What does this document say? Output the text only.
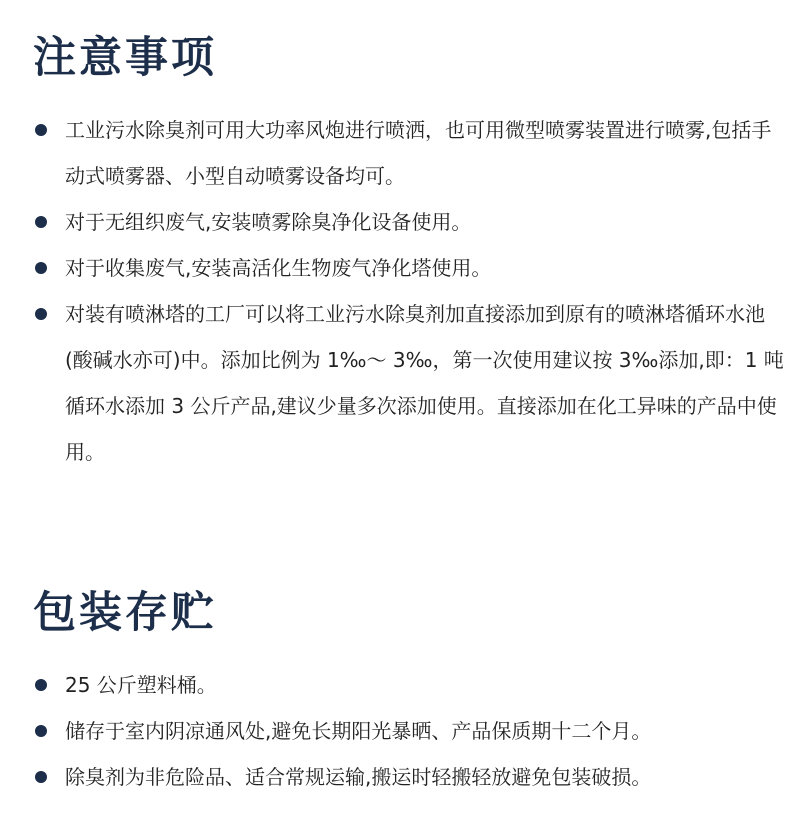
注意事项
工业污水除臭剂可用大功率风炮进行喷洒，也可用微型喷雾装置进行喷雾,包括手动式喷雾器、小型自动喷雾设备均可。
对于无组织废气,安装喷雾除臭净化设备使用。
对于收集废气,安装高活化生物废气净化塔使用。
对装有喷淋塔的工厂可以将工业污水除臭剂加直接添加到原有的喷淋塔循环水池(酸碱水亦可)中。添加比例为 1‰～ 3‰，第一次使用建议按 3‰添加,即：1 吨循环水添加 3 公斤产品,建议少量多次添加使用。直接添加在化工异味的产品中使用。
包装存贮
25 公斤塑料桶。
储存于室内阴凉通风处,避免长期阳光暴晒、产品保质期十二个月。
除臭剂为非危险品、适合常规运输,搬运时轻搬轻放避免包装破损。
